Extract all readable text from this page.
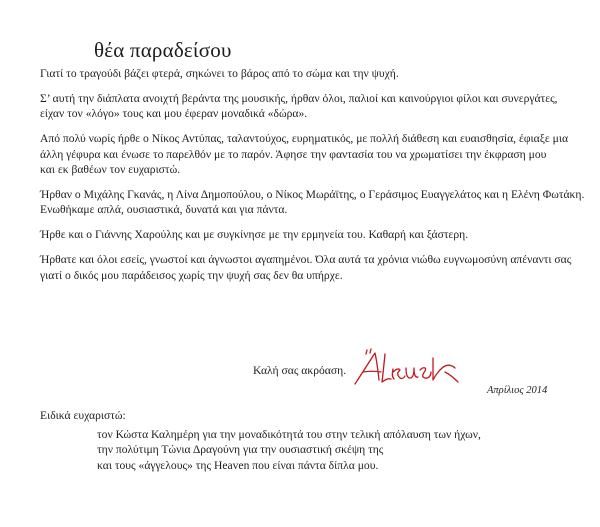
θέα παραδείσου

Γιατί το τραγούδι βάζει φτερά, σηκώνει το βάρος από το σώμα και την ψυχή.

Σ’ αυτή την διάπλατα ανοιχτή βεράντα της μουσικής, ήρθαν όλοι, παλιοί και καινούργιοι φίλοι και συνεργάτες,
είχαν τον «λόγο» τους και μου έφεραν μοναδικά «δώρα».

Από πολύ νωρίς ήρθε ο Νίκος Αντύπας, ταλαντούχος, ευρηματικός, με πολλή διάθεση και ευαισθησία, έφιαξε μια
άλλη γέφυρα και ένωσε το παρελθόν με το παρόν. Άφησε την φαντασία του να χρωματίσει την έκφραση μου
και εκ βαθέων τον ευχαριστώ.

Ήρθαν ο Μιχάλης Γκανάς, η Λίνα Δημοπούλου, ο Νίκος Μωράϊτης, ο Γεράσιμος Ευαγγελάτος και η Ελένη Φωτάκη.
Ενωθήκαμε απλά, ουσιαστικά, δυνατά και για πάντα.

Ήρθε και ο Γιάννης Χαρούλης και με συγκίνησε με την ερμηνεία του. Καθαρή και ξάστερη.

Ήρθατε και όλοι εσείς, γνωστοί και άγνωστοι αγαπημένοι. Όλα αυτά τα χρόνια νιώθω ευγνωμοσύνη απέναντι σας
γιατί ο δικός μου παράδεισος χωρίς την ψυχή σας δεν θα υπήρχε.

Καλή σας ακρόαση.
Απρίλιος 2014
Ειδικά ευχαριστώ:
τον Κώστα Καλημέρη για την μοναδικότητά του στην τελική απόλαυση των ήχων,
την πολύτιμη Τώνια Δραγούνη για την ουσιαστική σκέψη της
και τους «άγγελους» της Heaven που είναι πάντα δίπλα μου.
